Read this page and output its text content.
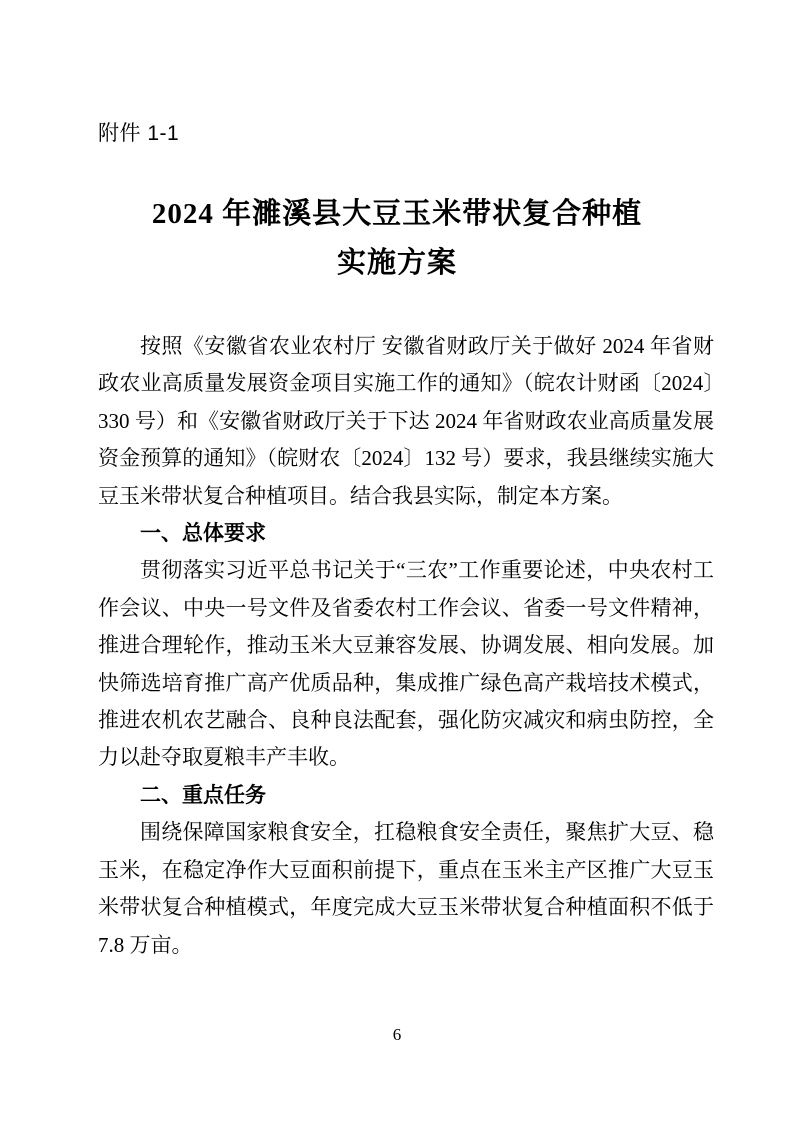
附件 1-1
2024 年濉溪县大豆玉米带状复合种植
实施方案

按照《安徽省农业农村厅 安徽省财政厅关于做好 2024 年省财政农业高质量发展资金项目实施工作的通知》（皖农计财函〔2024〕330 号）和《安徽省财政厅关于下达 2024 年省财政农业高质量发展资金预算的通知》（皖财农〔2024〕132 号）要求，我县继续实施大豆玉米带状复合种植项目。结合我县实际，制定本方案。

一、总体要求

贯彻落实习近平总书记关于“三农”工作重要论述，中央农村工作会议、中央一号文件及省委农村工作会议、省委一号文件精神，推进合理轮作，推动玉米大豆兼容发展、协调发展、相向发展。加快筛选培育推广高产优质品种，集成推广绿色高产栽培技术模式，推进农机农艺融合、良种良法配套，强化防灾减灾和病虫防控，全力以赴夺取夏粮丰产丰收。

二、重点任务

围绕保障国家粮食安全，扛稳粮食安全责任，聚焦扩大豆、稳玉米，在稳定净作大豆面积前提下，重点在玉米主产区推广大豆玉米带状复合种植模式，年度完成大豆玉米带状复合种植面积不低于 7.8 万亩。

6
